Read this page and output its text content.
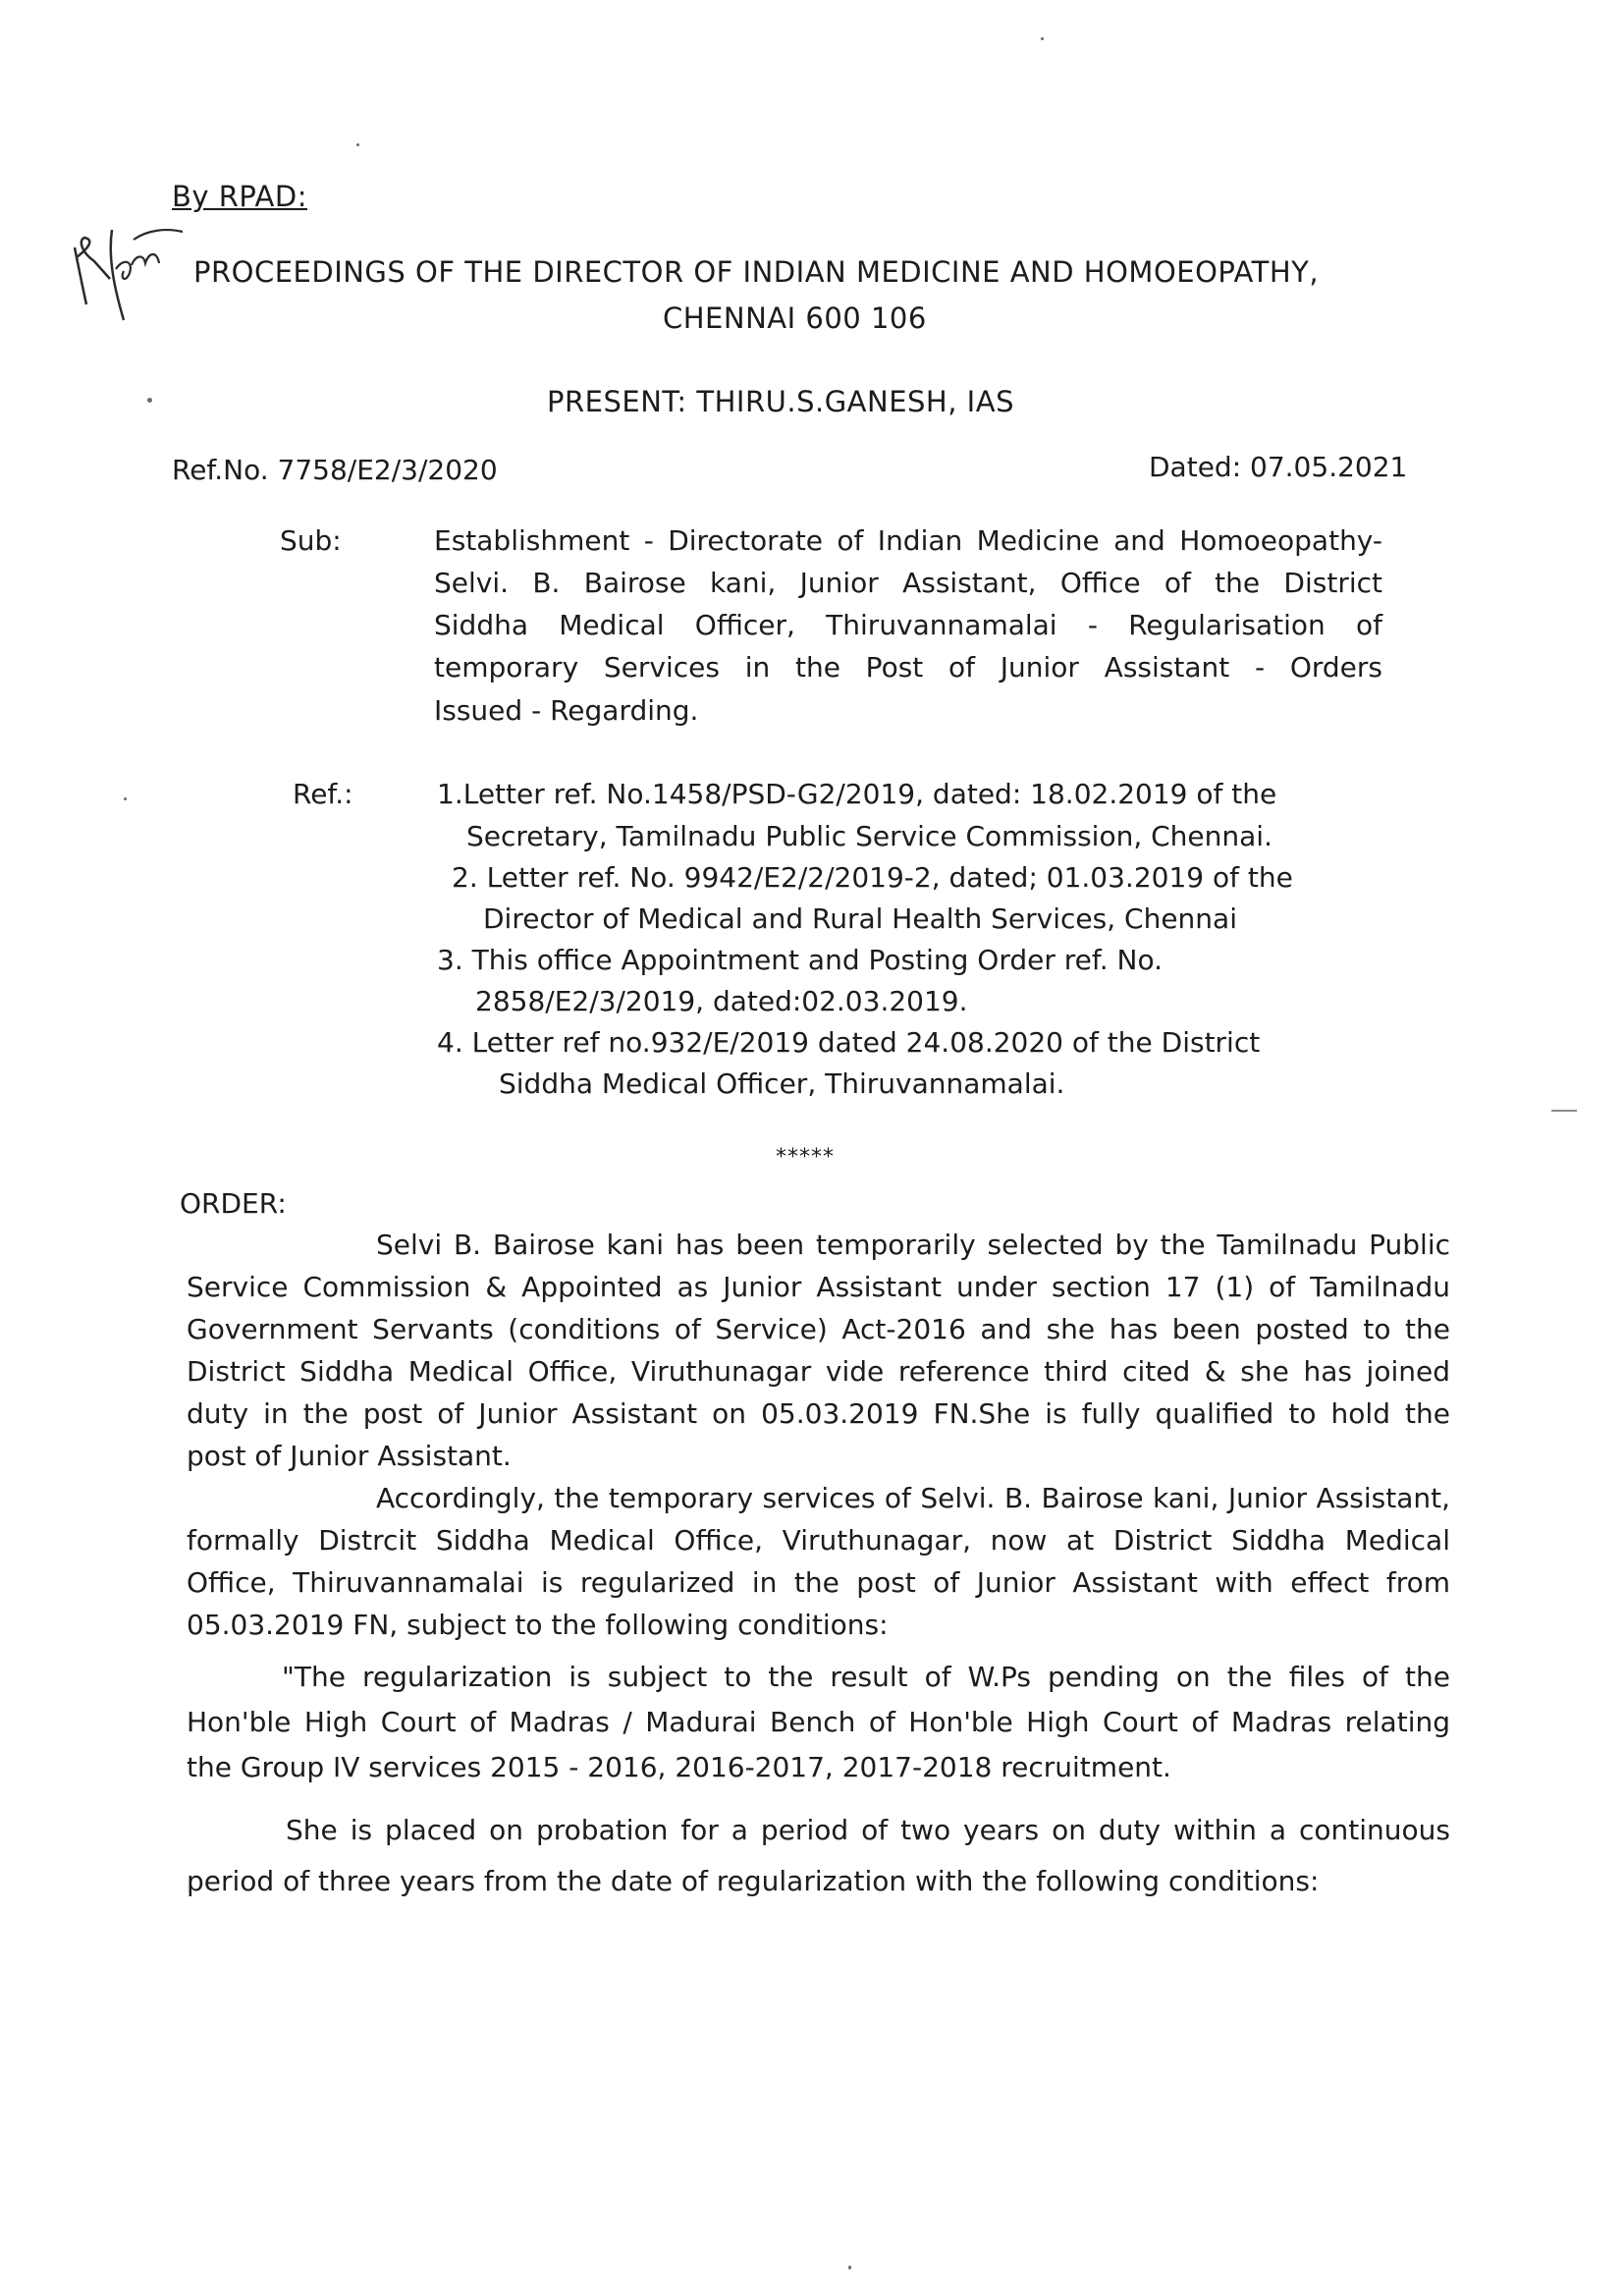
By RPAD:
PROCEEDINGS OF THE DIRECTOR OF INDIAN MEDICINE AND HOMOEOPATHY,
CHENNAI 600 106
PRESENT: THIRU.S.GANESH, IAS
Ref.No. 7758/E2/3/2020	Dated: 07.05.2021
Sub:	Establishment - Directorate of Indian Medicine and Homoeopathy-
Selvi. B. Bairose kani, Junior Assistant, Office of the District
Siddha Medical Officer, Thiruvannamalai - Regularisation of
temporary Services in the Post of Junior Assistant - Orders
Issued - Regarding.
Ref.:	1.Letter ref. No.1458/PSD-G2/2019, dated: 18.02.2019 of the
Secretary, Tamilnadu Public Service Commission, Chennai.
2. Letter ref. No. 9942/E2/2/2019-2, dated; 01.03.2019 of the
Director of Medical and Rural Health Services, Chennai
3. This office Appointment and Posting Order ref. No.
2858/E2/3/2019, dated:02.03.2019.
4. Letter ref no.932/E/2019 dated 24.08.2020 of the District
Siddha Medical Officer, Thiruvannamalai.
*****
ORDER:
Selvi B. Bairose kani has been temporarily selected by the Tamilnadu Public
Service Commission & Appointed as Junior Assistant under section 17 (1) of Tamilnadu
Government Servants (conditions of Service) Act-2016 and she has been posted to the
District Siddha Medical Office, Viruthunagar vide reference third cited & she has joined
duty in the post of Junior Assistant on 05.03.2019 FN.She is fully qualified to hold the
post of Junior Assistant.
Accordingly, the temporary services of Selvi. B. Bairose kani, Junior Assistant,
formally Distrcit Siddha Medical Office, Viruthunagar, now at District Siddha Medical
Office, Thiruvannamalai is regularized in the post of Junior Assistant with effect from
05.03.2019 FN, subject to the following conditions:
"The regularization is subject to the result of W.Ps pending on the files of the
Hon'ble High Court of Madras / Madurai Bench of Hon'ble High Court of Madras relating
the Group IV services 2015 - 2016, 2016-2017, 2017-2018 recruitment.
She is placed on probation for a period of two years on duty within a continuous
period of three years from the date of regularization with the following conditions:
